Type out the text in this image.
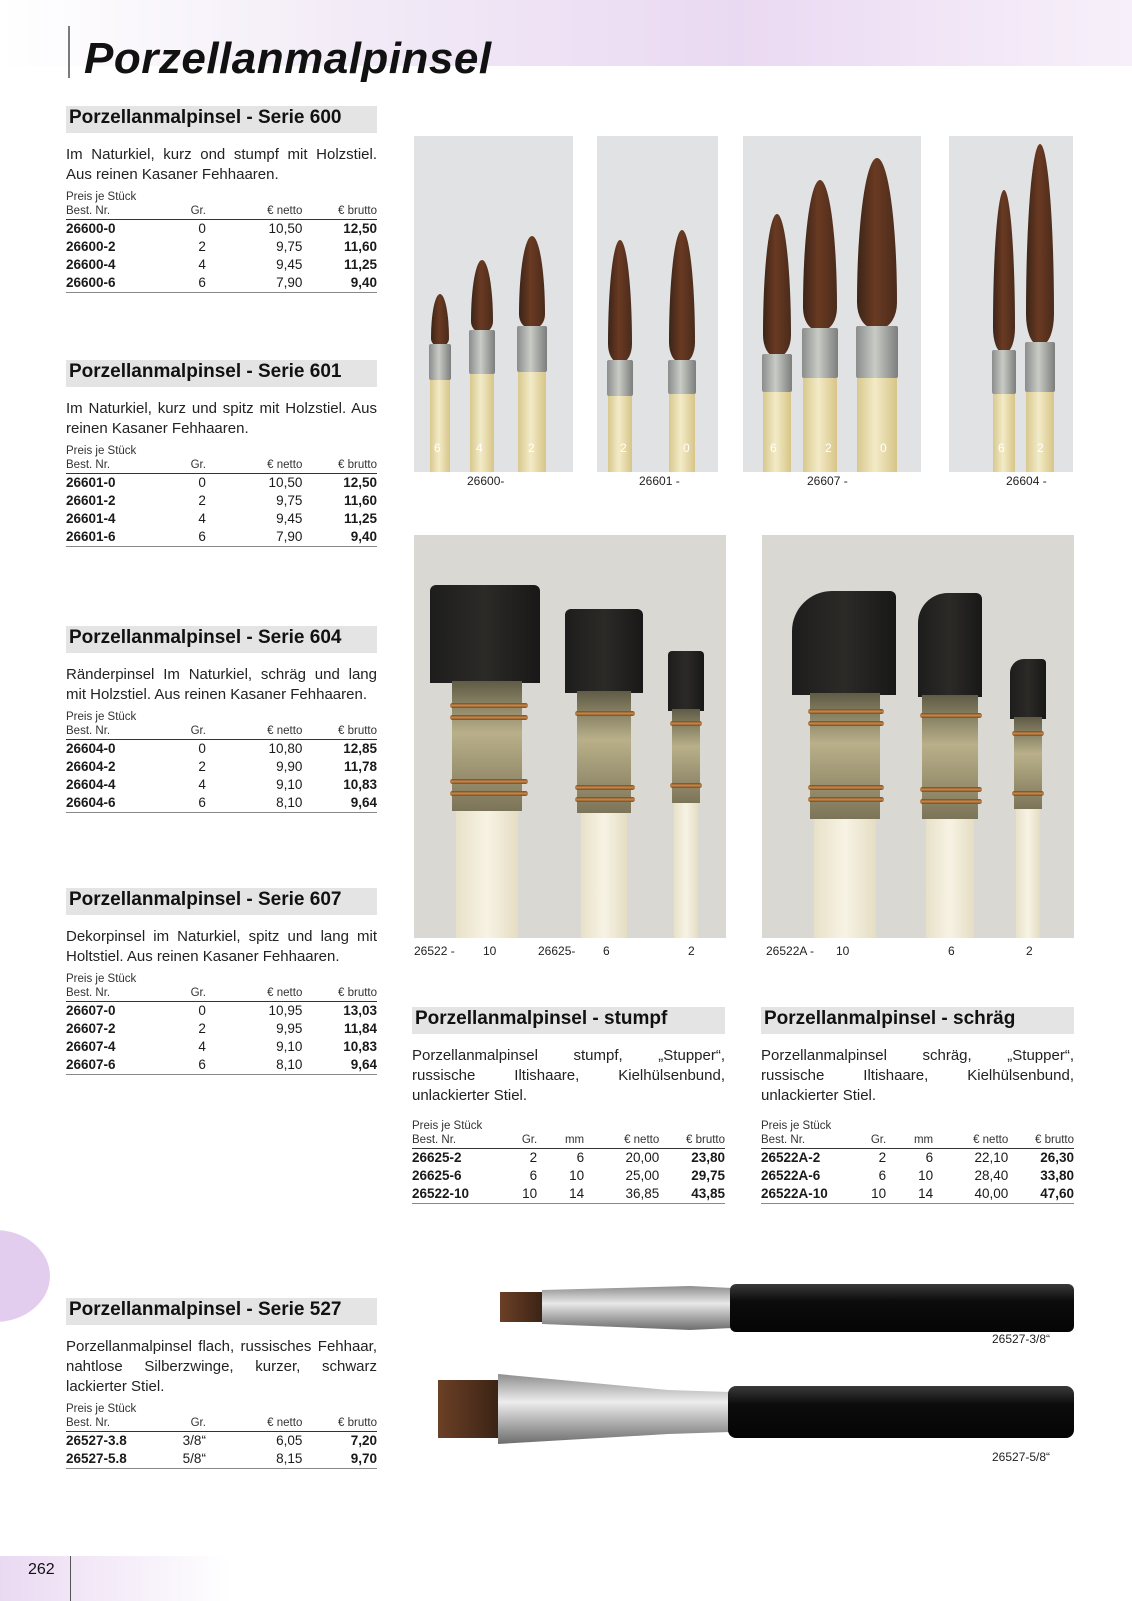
Porzellanmalpinsel
Porzellanmalpinsel - Serie 600

Im Naturkiel, kurz ond stumpf mit Holzstiel. Aus reinen Kasaner Fehhaaren.

Preis je Stück
Best. Nr.	Gr.	€ netto	€ brutto
26600-0	0	10,50	12,50
26600-2	2	9,75	11,60
26600-4	4	9,45	11,25
26600-6	6	7,90	9,40
Porzellanmalpinsel - Serie 601

Im Naturkiel, kurz und spitz mit Holzstiel. Aus reinen Kasaner Fehhaaren.

Preis je Stück
Best. Nr.	Gr.	€ netto	€ brutto
26601-0	0	10,50	12,50
26601-2	2	9,75	11,60
26601-4	4	9,45	11,25
26601-6	6	7,90	9,40
Porzellanmalpinsel - Serie 604

Ränderpinsel Im Naturkiel, schräg und lang mit Holzstiel. Aus reinen Kasaner Fehhaaren.

Preis je Stück
Best. Nr.	Gr.	€ netto	€ brutto
26604-0	0	10,80	12,85
26604-2	2	9,90	11,78
26604-4	4	9,10	10,83
26604-6	6	8,10	9,64
Porzellanmalpinsel - Serie 607

Dekorpinsel im Naturkiel, spitz und lang mit Holtstiel. Aus reinen Kasaner Fehhaaren.

Preis je Stück
Best. Nr.	Gr.	€ netto	€ brutto
26607-0	0	10,95	13,03
26607-2	2	9,95	11,84
26607-4	4	9,10	10,83
26607-6	6	8,10	9,64
Porzellanmalpinsel - stumpf

Porzellanmalpinsel stumpf, „Stupper“, russische Iltishaare, Kielhülsenbund, unlackierter Stiel.

Preis je Stück
Best. Nr.	Gr.	mm	€ netto	€ brutto
26625-2	2	6	20,00	23,80
26625-6	6	10	25,00	29,75
26522-10	10	14	36,85	43,85
Porzellanmalpinsel - schräg

Porzellanmalpinsel schräg, „Stupper“, russische Iltishaare, Kielhülsenbund, unlackierter Stiel.

Preis je Stück
Best. Nr.	Gr.	mm	€ netto	€ brutto
26522A-2	2	6	22,10	26,30
26522A-6	6	10	28,40	33,80
26522A-10	10	14	40,00	47,60
Porzellanmalpinsel - Serie 527

Porzellanmalpinsel flach, russisches Fehhaar, nahtlose Silberzwinge, kurzer, schwarz lackierter Stiel.

Preis je Stück
Best. Nr.	Gr.	€ netto	€ brutto
26527-3.8	3/8“	6,05	7,20
26527-5.8	5/8“	8,15	9,70
6	4	2
26600-
2	0
26601 -
6	2	0
26607 -
6	2
26604 -
26522 - 10	26625- 6	2	26522A - 10	6	2
26527-3/8“
26527-5/8“
262
